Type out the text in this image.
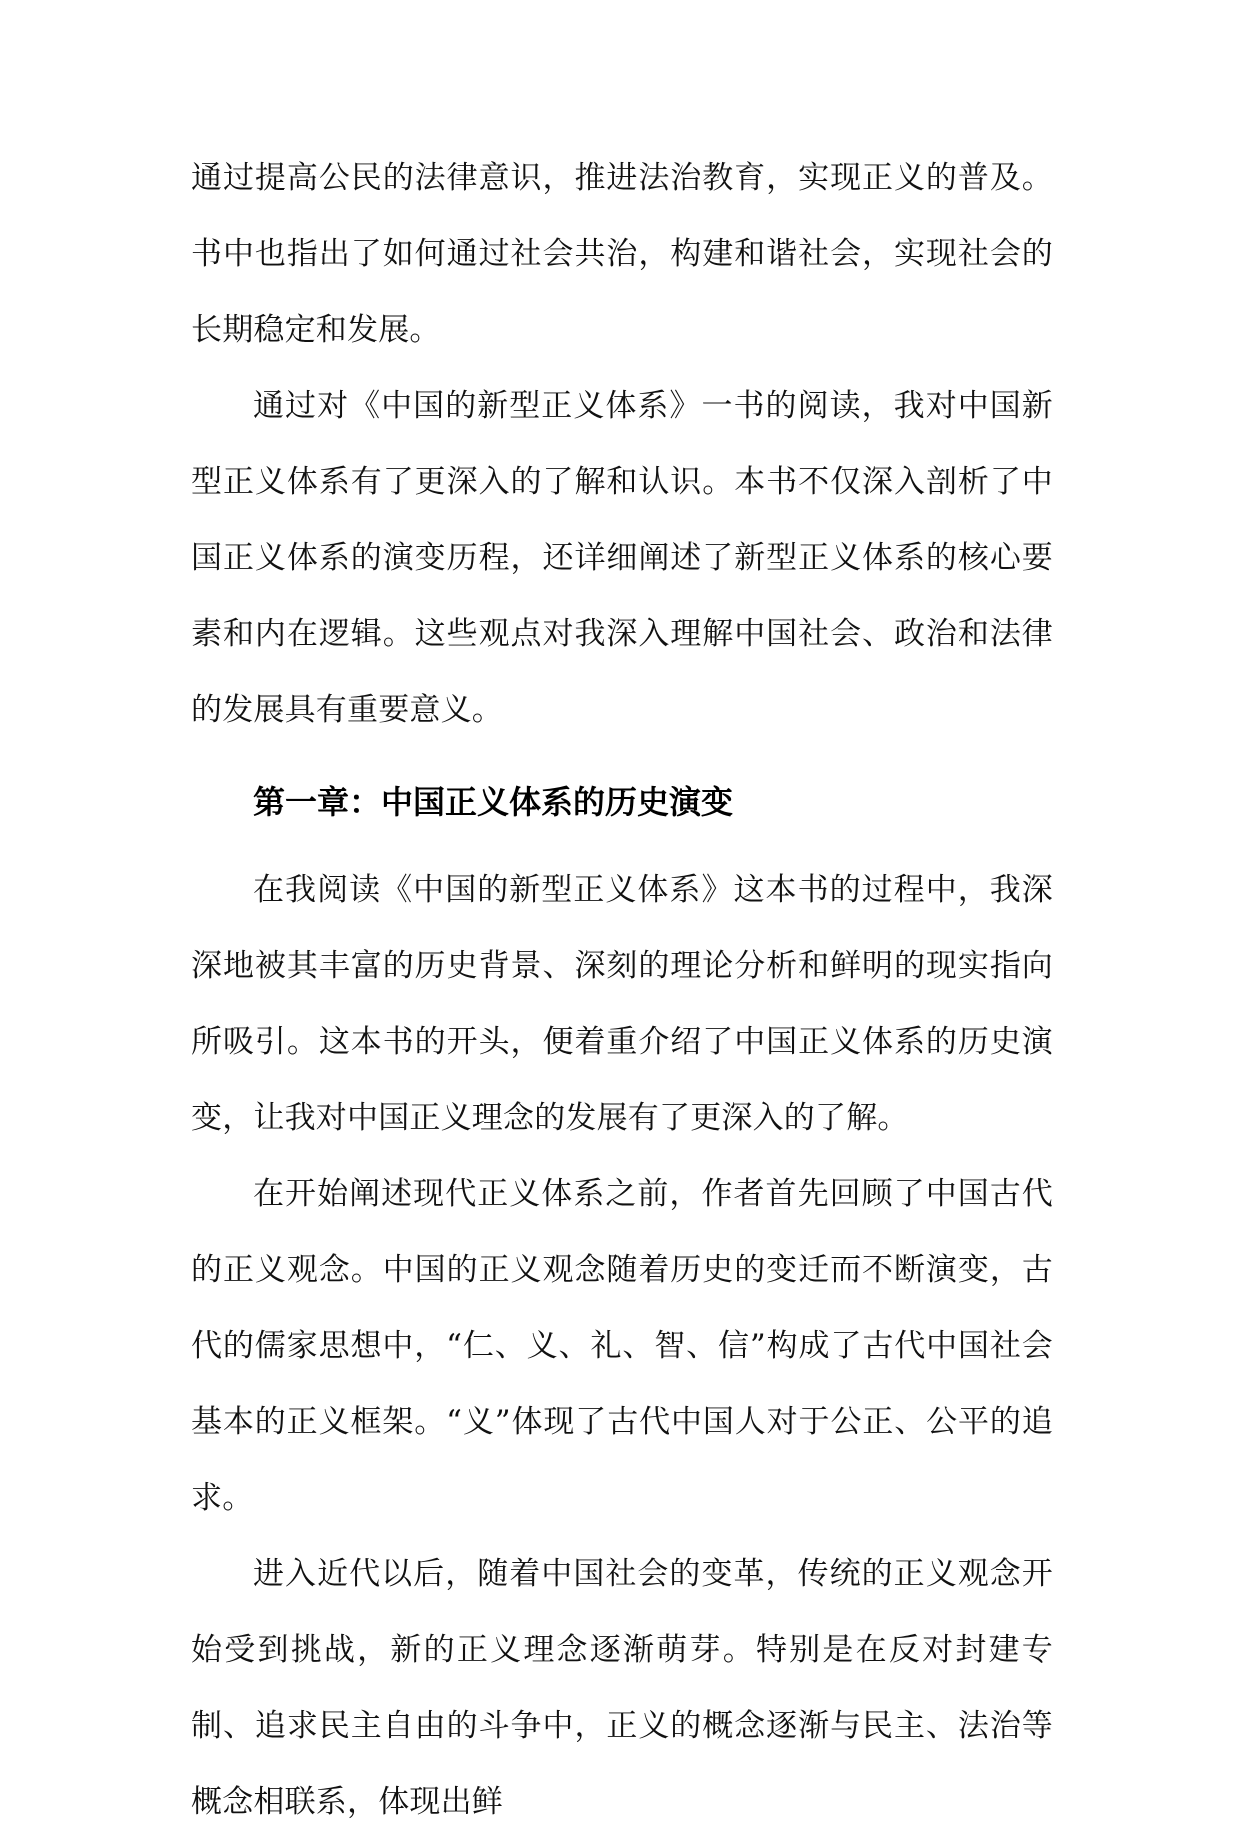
通过提高公民的法律意识，推进法治教育，实现正义的普及。书中也指出了如何通过社会共治，构建和谐社会，实现社会的长期稳定和发展。

通过对《中国的新型正义体系》一书的阅读，我对中国新型正义体系有了更深入的了解和认识。本书不仅深入剖析了中国正义体系的演变历程，还详细阐述了新型正义体系的核心要素和内在逻辑。这些观点对我深入理解中国社会、政治和法律的发展具有重要意义。

第一章：中国正义体系的历史演变

在我阅读《中国的新型正义体系》这本书的过程中，我深深地被其丰富的历史背景、深刻的理论分析和鲜明的现实指向所吸引。这本书的开头，便着重介绍了中国正义体系的历史演变，让我对中国正义理念的发展有了更深入的了解。

在开始阐述现代正义体系之前，作者首先回顾了中国古代的正义观念。中国的正义观念随着历史的变迁而不断演变，古代的儒家思想中，“仁、义、礼、智、信”构成了古代中国社会基本的正义框架。“义”体现了古代中国人对于公正、公平的追求。

进入近代以后，随着中国社会的变革，传统的正义观念开始受到挑战，新的正义理念逐渐萌芽。特别是在反对封建专制、追求民主自由的斗争中，正义的概念逐渐与民主、法治等概念相联系，体现出鲜
